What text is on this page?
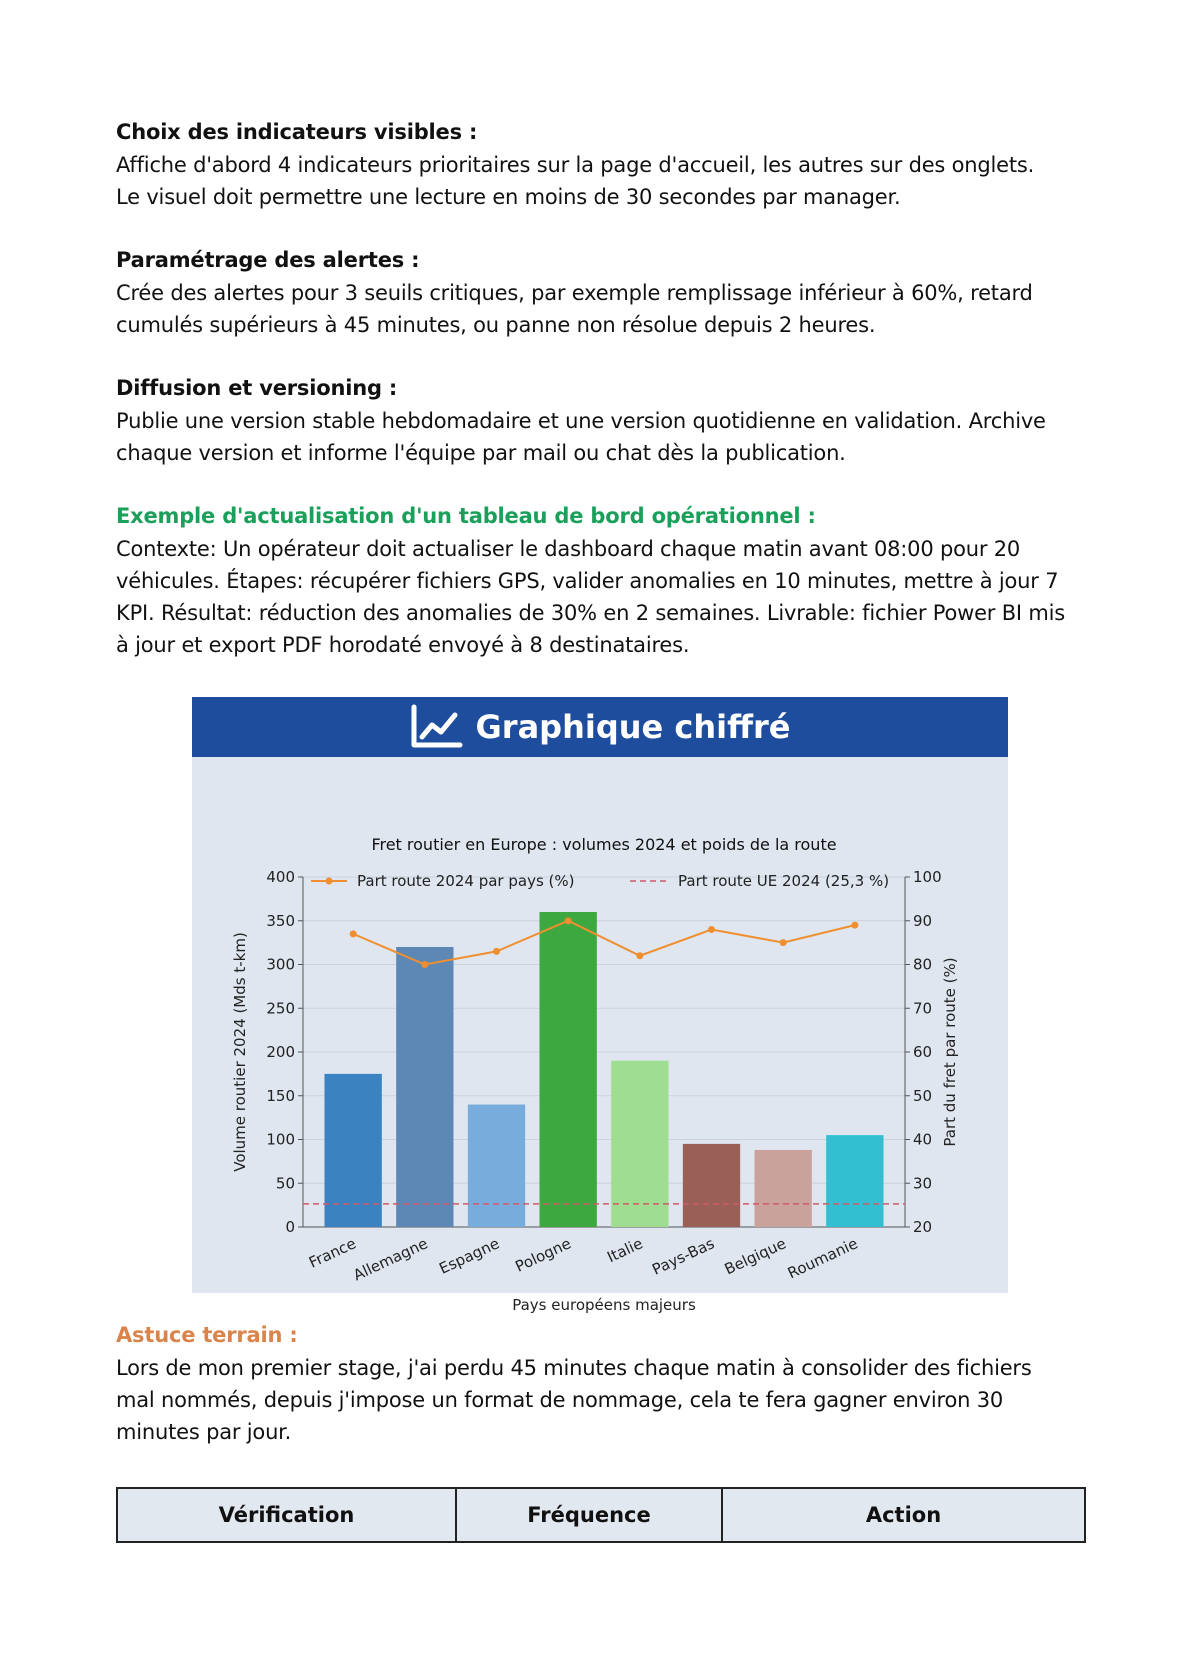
Choix des indicateurs visibles :

Affiche d'abord 4 indicateurs prioritaires sur la page d'accueil, les autres sur des onglets.
Le visuel doit permettre une lecture en moins de 30 secondes par manager.

Paramétrage des alertes :

Crée des alertes pour 3 seuils critiques, par exemple remplissage inférieur à 60%, retard
cumulés supérieurs à 45 minutes, ou panne non résolue depuis 2 heures.

Diffusion et versioning :

Publie une version stable hebdomadaire et une version quotidienne en validation. Archive
chaque version et informe l'équipe par mail ou chat dès la publication.

Exemple d'actualisation d'un tableau de bord opérationnel :

Contexte: Un opérateur doit actualiser le dashboard chaque matin avant 08:00 pour 20
véhicules. Étapes: récupérer fichiers GPS, valider anomalies en 10 minutes, mettre à jour 7
KPI. Résultat: réduction des anomalies de 30% en 2 semaines. Livrable: fichier Power BI mis
à jour et export PDF horodaté envoyé à 8 destinataires.

Graphique chiffré
0
50
100
150
200
250
300
350
400
20
30
40
50
60
70
80
90
100
France
Allemagne Espagne Pologne Italie Pays-Bas Belgique
Roumanie
Fret routier en Europe : volumes 2024 et poids de la route
Part route 2024 par pays (%)	Part route UE 2024 (25,3 %)
Pays européens majeurs
Volume routier 2024 (Mds t-km)	Part du fret par route (%)

Astuce terrain :

Lors de mon premier stage, j'ai perdu 45 minutes chaque matin à consolider des fichiers
mal nommés, depuis j'impose un format de nommage, cela te fera gagner environ 30
minutes par jour.

Vérification	Fréquence	Action
